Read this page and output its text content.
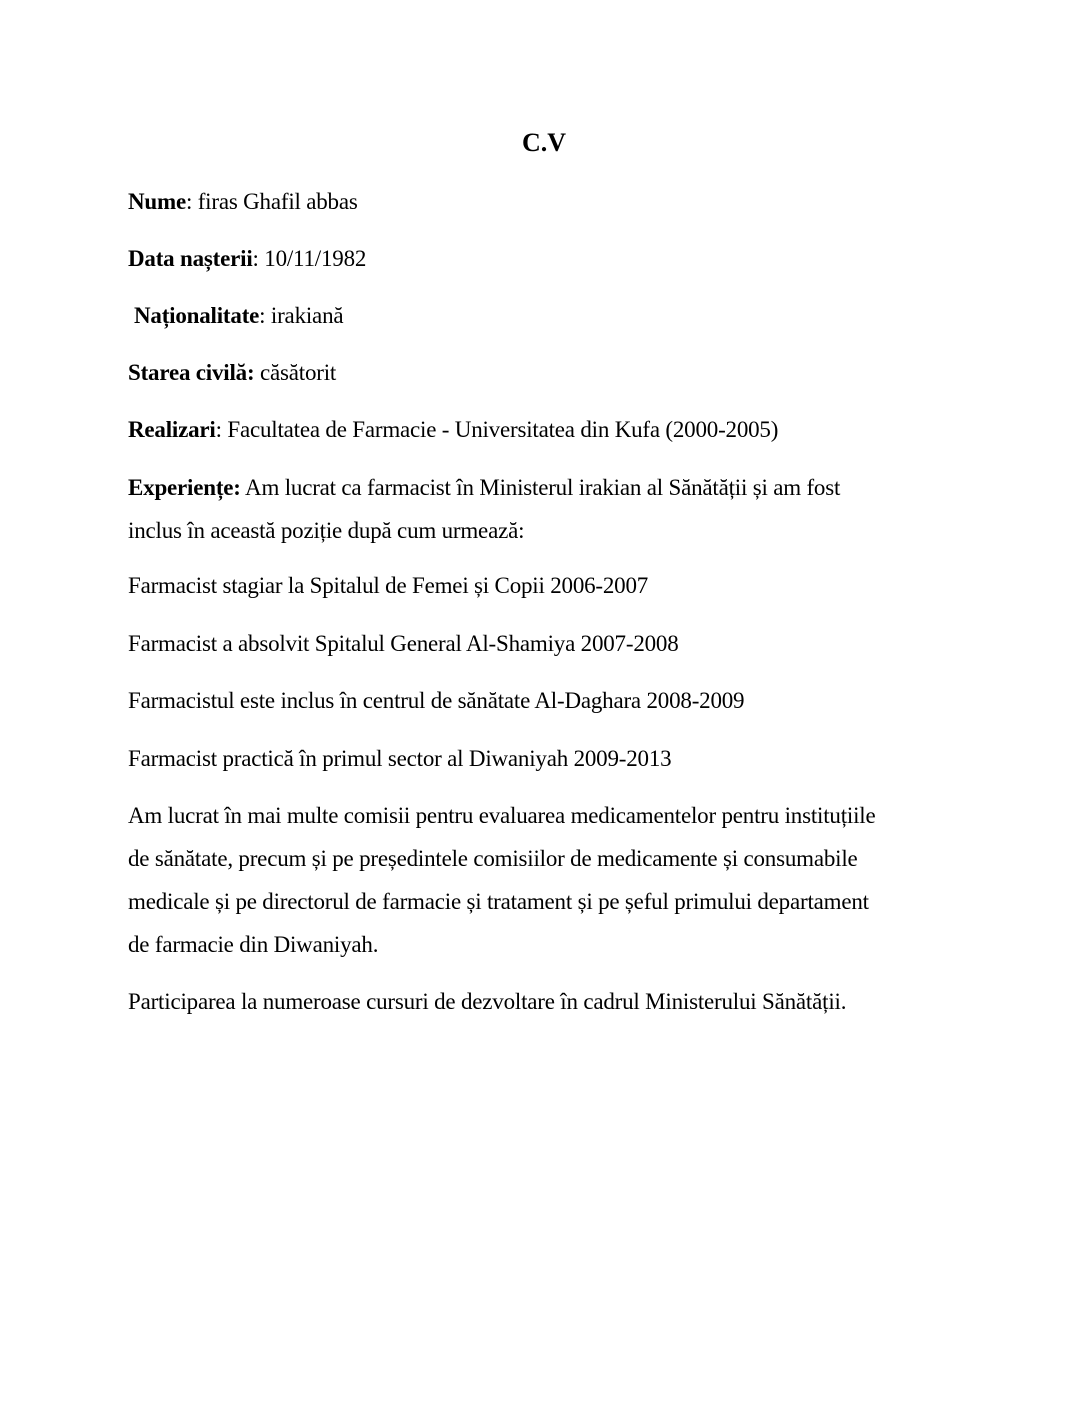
C.V
Nume: firas Ghafil abbas
Data nașterii: 10/11/1982
Naționalitate: irakiană
Starea civilă: căsătorit
Realizari: Facultatea de Farmacie - Universitatea din Kufa (2000-2005)
Experiențe: Am lucrat ca farmacist în Ministerul irakian al Sănătății și am fost
inclus în această poziție după cum urmează:
Farmacist stagiar la Spitalul de Femei și Copii 2006-2007
Farmacist a absolvit Spitalul General Al-Shamiya 2007-2008
Farmacistul este inclus în centrul de sănătate Al-Daghara 2008-2009
Farmacist practică în primul sector al Diwaniyah 2009-2013
Am lucrat în mai multe comisii pentru evaluarea medicamentelor pentru instituțiile
de sănătate, precum și pe președintele comisiilor de medicamente și consumabile
medicale și pe directorul de farmacie și tratament și pe șeful primului departament
de farmacie din Diwaniyah.
Participarea la numeroase cursuri de dezvoltare în cadrul Ministerului Sănătății.
